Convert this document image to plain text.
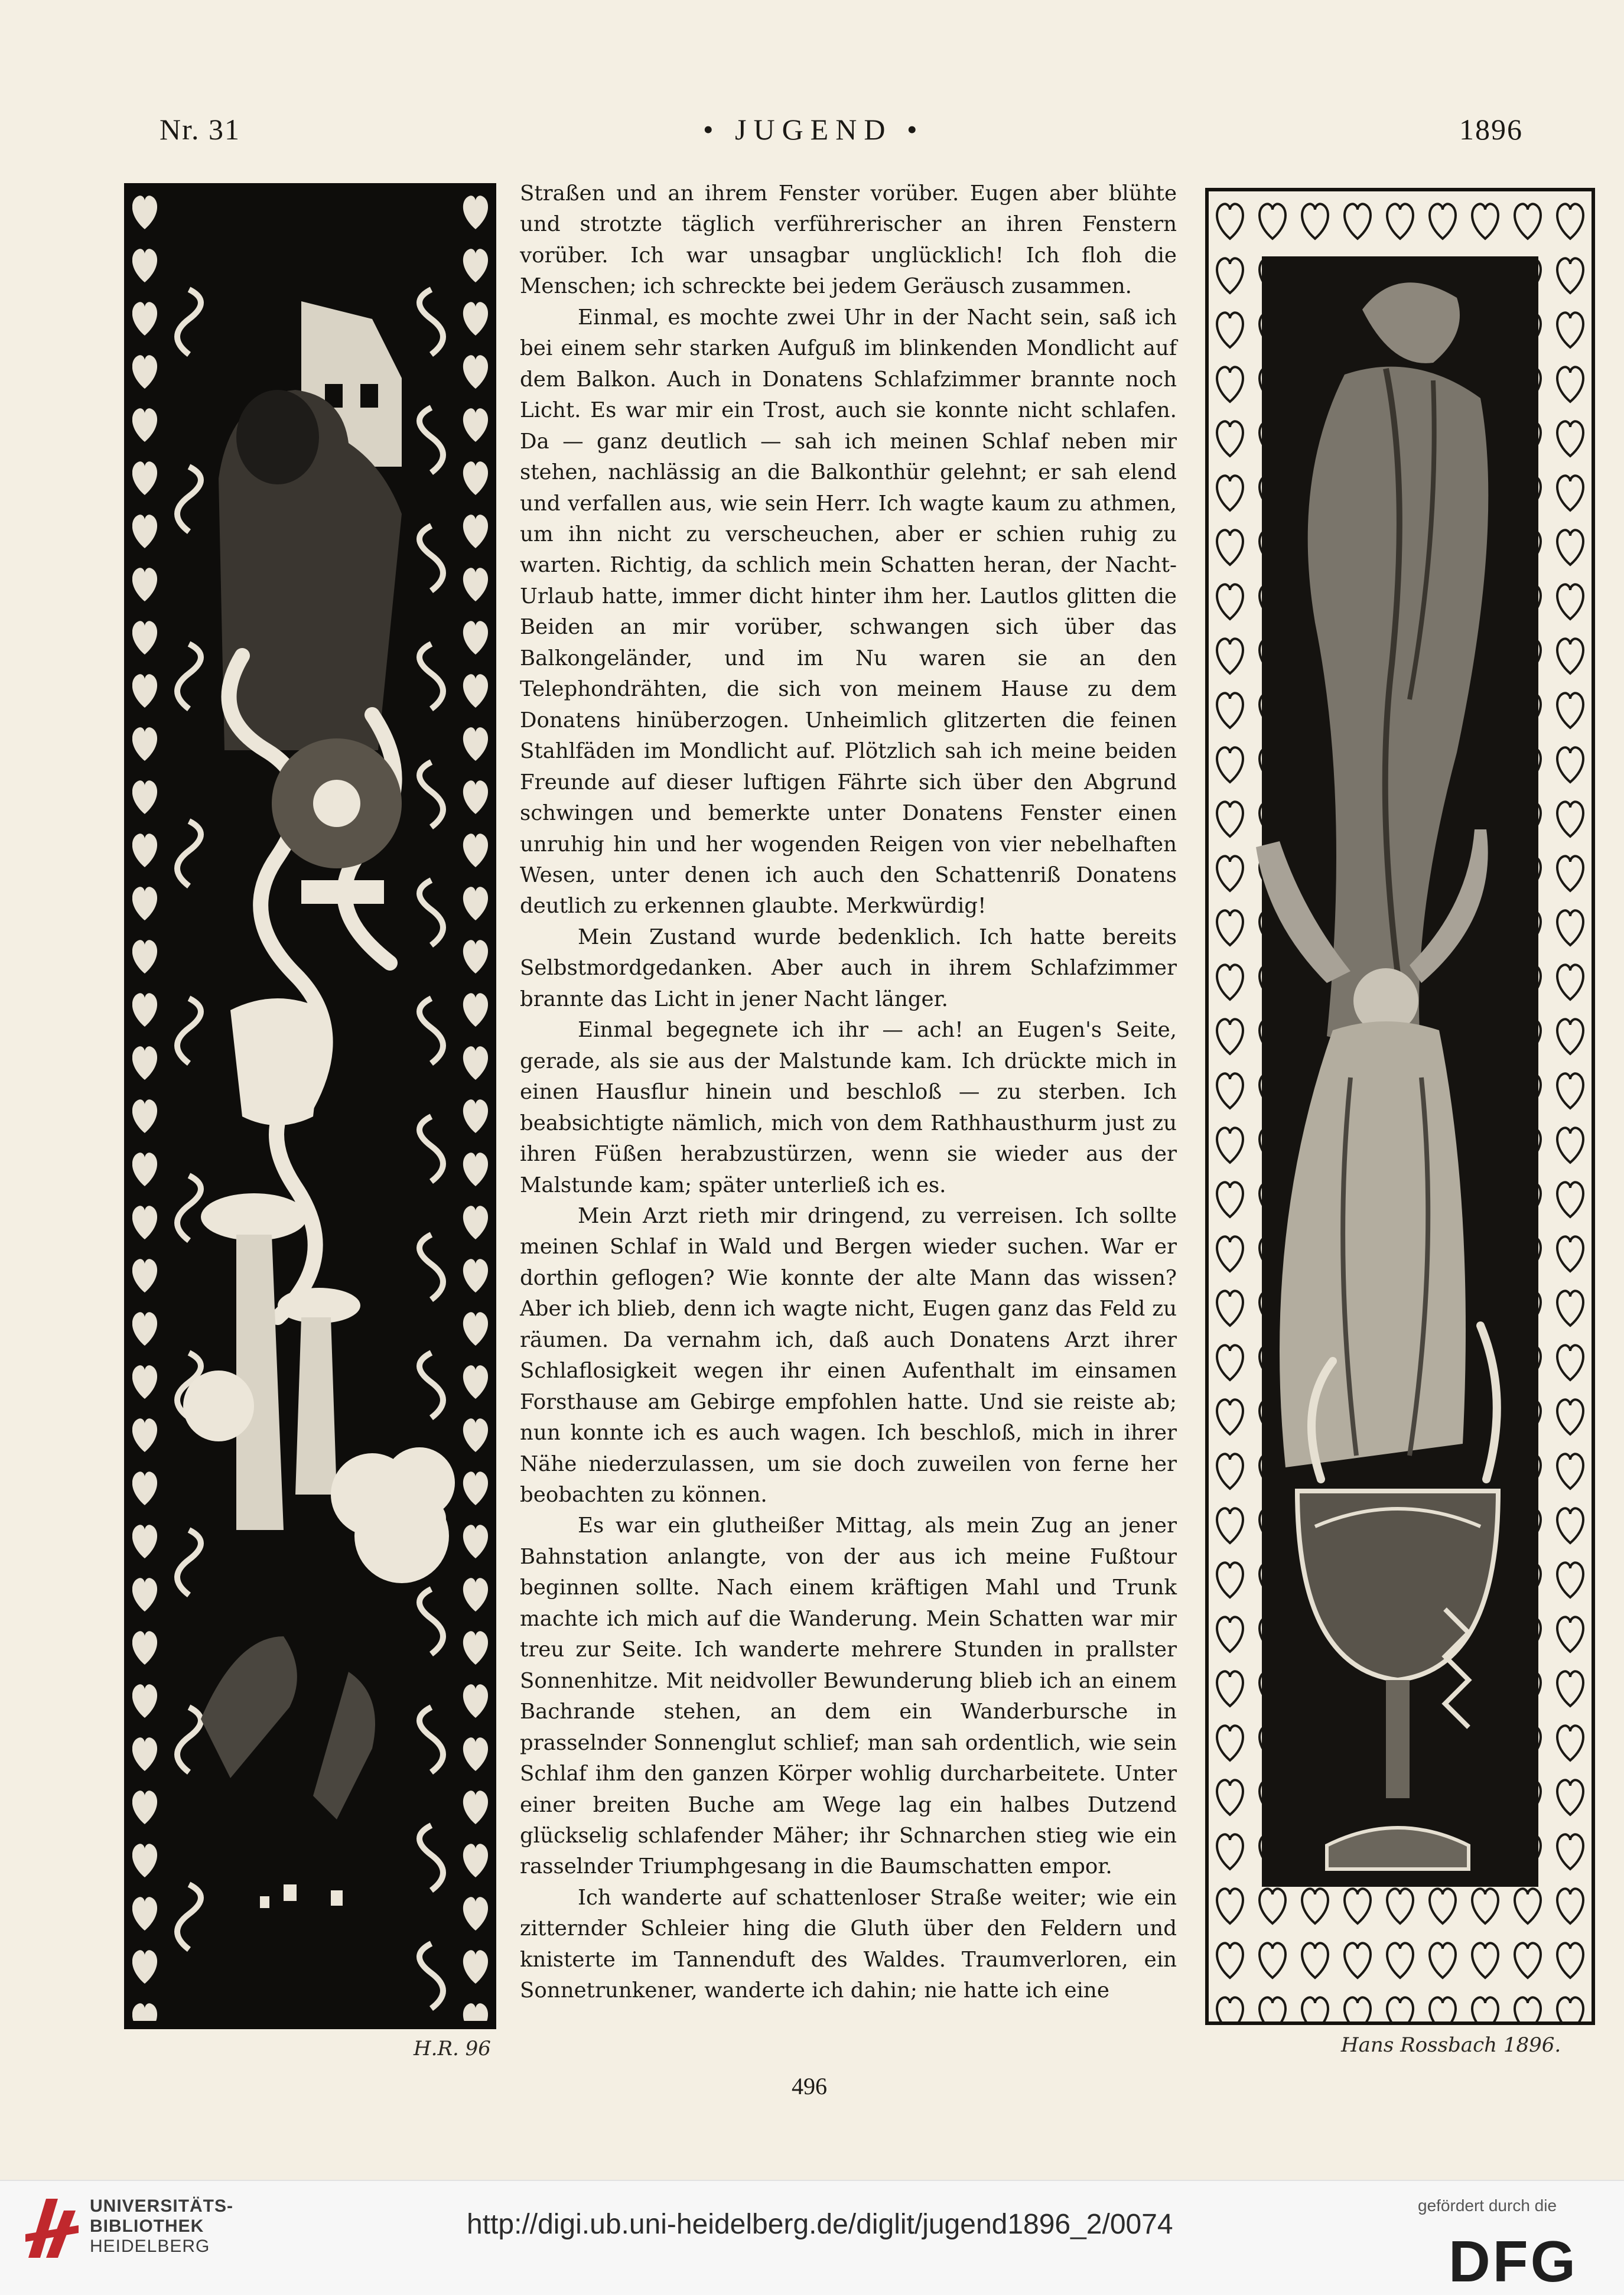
Nr. 31	• JUGEND •	1896
H.R. 96

Straßen und an ihrem Fenster vorüber. Eugen aber blühte und strotzte täglich verführerischer an ihren Fenstern vorüber. Ich war unsagbar unglücklich! Ich floh die Menschen; ich schreckte bei jedem Geräusch zusammen.

Einmal, es mochte zwei Uhr in der Nacht sein, saß ich bei einem sehr starken Aufguß im blinkenden Mondlicht auf dem Balkon. Auch in Donatens Schlafzimmer brannte noch Licht. Es war mir ein Trost, auch sie konnte nicht schlafen. Da — ganz deutlich — sah ich meinen Schlaf neben mir stehen, nachlässig an die Balkonthür gelehnt; er sah elend und verfallen aus, wie sein Herr. Ich wagte kaum zu athmen, um ihn nicht zu verscheuchen, aber er schien ruhig zu warten. Richtig, da schlich mein Schatten heran, der Nacht-Urlaub hatte, immer dicht hinter ihm her. Lautlos glitten die Beiden an mir vorüber, schwangen sich über das Balkongeländer, und im Nu waren sie an den Telephondrähten, die sich von meinem Hause zu dem Donatens hinüberzogen. Unheimlich glitzerten die feinen Stahlfäden im Mondlicht auf. Plötzlich sah ich meine beiden Freunde auf dieser luftigen Fährte sich über den Abgrund schwingen und bemerkte unter Donatens Fenster einen unruhig hin und her wogenden Reigen von vier nebelhaften Wesen, unter denen ich auch den Schattenriß Donatens deutlich zu erkennen glaubte. Merkwürdig!

Mein Zustand wurde bedenklich. Ich hatte bereits Selbstmordgedanken. Aber auch in ihrem Schlafzimmer brannte das Licht in jener Nacht länger.

Einmal begegnete ich ihr — ach! an Eugen's Seite, gerade, als sie aus der Malstunde kam. Ich drückte mich in einen Hausflur hinein und beschloß — zu sterben. Ich beabsichtigte nämlich, mich von dem Rathhausthurm just zu ihren Füßen herabzustürzen, wenn sie wieder aus der Malstunde kam; später unterließ ich es.

Mein Arzt rieth mir dringend, zu verreisen. Ich sollte meinen Schlaf in Wald und Bergen wieder suchen. War er dorthin geflogen? Wie konnte der alte Mann das wissen? Aber ich blieb, denn ich wagte nicht, Eugen ganz das Feld zu räumen. Da vernahm ich, daß auch Donatens Arzt ihrer Schlaflosigkeit wegen ihr einen Aufenthalt im einsamen Forsthause am Gebirge empfohlen hatte. Und sie reiste ab; nun konnte ich es auch wagen. Ich beschloß, mich in ihrer Nähe niederzulassen, um sie doch zuweilen von ferne her beobachten zu können.

Es war ein glutheißer Mittag, als mein Zug an jener Bahnstation anlangte, von der aus ich meine Fußtour beginnen sollte. Nach einem kräftigen Mahl und Trunk machte ich mich auf die Wanderung. Mein Schatten war mir treu zur Seite. Ich wanderte mehrere Stunden in prallster Sonnenhitze. Mit neidvoller Bewunderung blieb ich an einem Bachrande stehen, an dem ein Wanderbursche in prasselnder Sonnenglut schlief; man sah ordentlich, wie sein Schlaf ihm den ganzen Körper wohlig durcharbeitete. Unter einer breiten Buche am Wege lag ein halbes Dutzend glückselig schlafender Mäher; ihr Schnarchen stieg wie ein rasselnder Triumphgesang in die Baumschatten empor.

Ich wanderte auf schattenloser Straße weiter; wie ein zitternder Schleier hing die Gluth über den Feldern und knisterte im Tannenduft des Waldes. Traumverloren, ein Sonnetrunkener, wanderte ich dahin; nie hatte ich eine

Hans Rossbach 1896.
496
UNIVERSITÄTS-
BIBLIOTHEK
HEIDELBERG
http://digi.ub.uni-heidelberg.de/diglit/jugend1896_2/0074
gefördert durch die
DFG
